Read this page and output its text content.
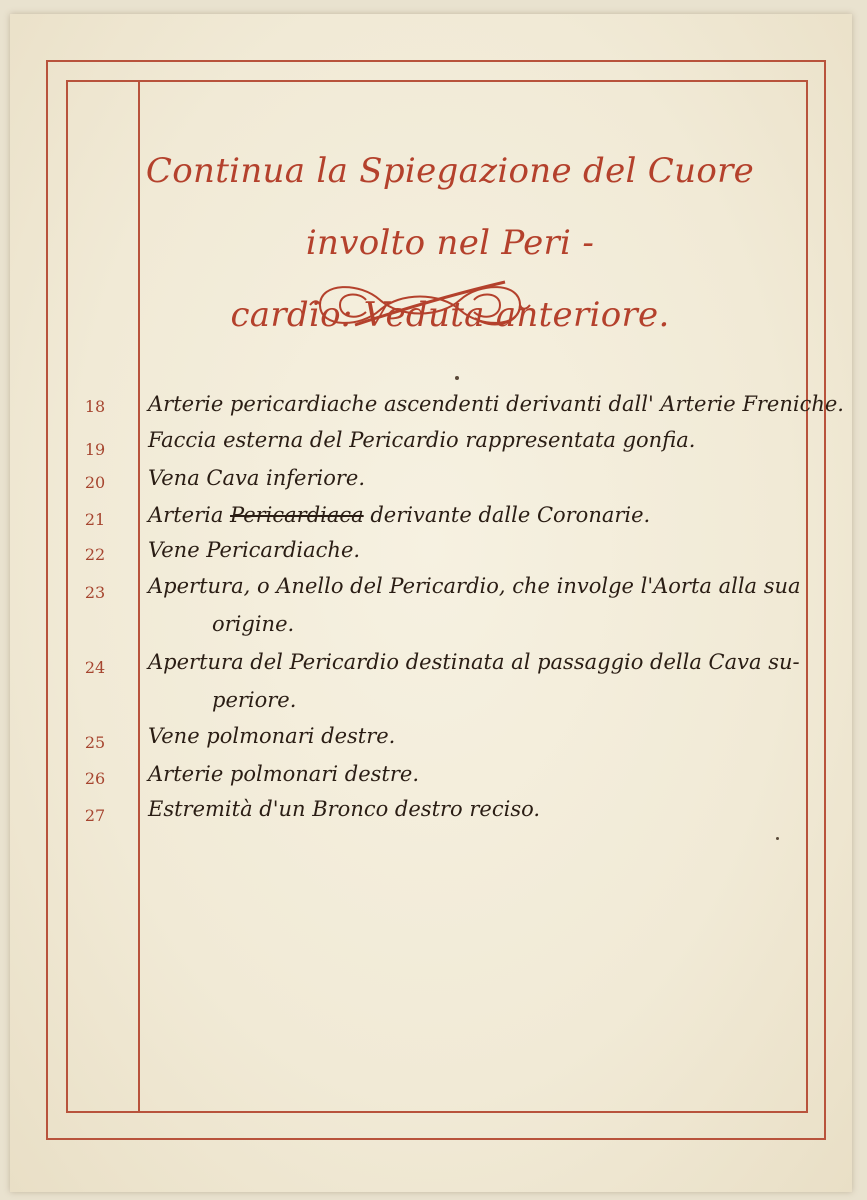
Continua la Spiegazione del Cuore involto nel Peri -
cardio: Veduta anteriore.
18	Arterie pericardiache ascendenti derivanti dall' Arterie Freniche.
19	Faccia esterna del Pericardio rappresentata gonfia.
20	Vena Cava inferiore.
21	Arteria Pericardiaca derivante dalle Coronarie.
22	Vene Pericardiache.
23	Apertura, o Anello del Pericardio, che involge l'Aorta alla sua
origine.
24	Apertura del Pericardio destinata al passaggio della Cava su-
periore.
25	Vene polmonari destre.
26	Arterie polmonari destre.
27	Estremità d'un Bronco destro reciso.
